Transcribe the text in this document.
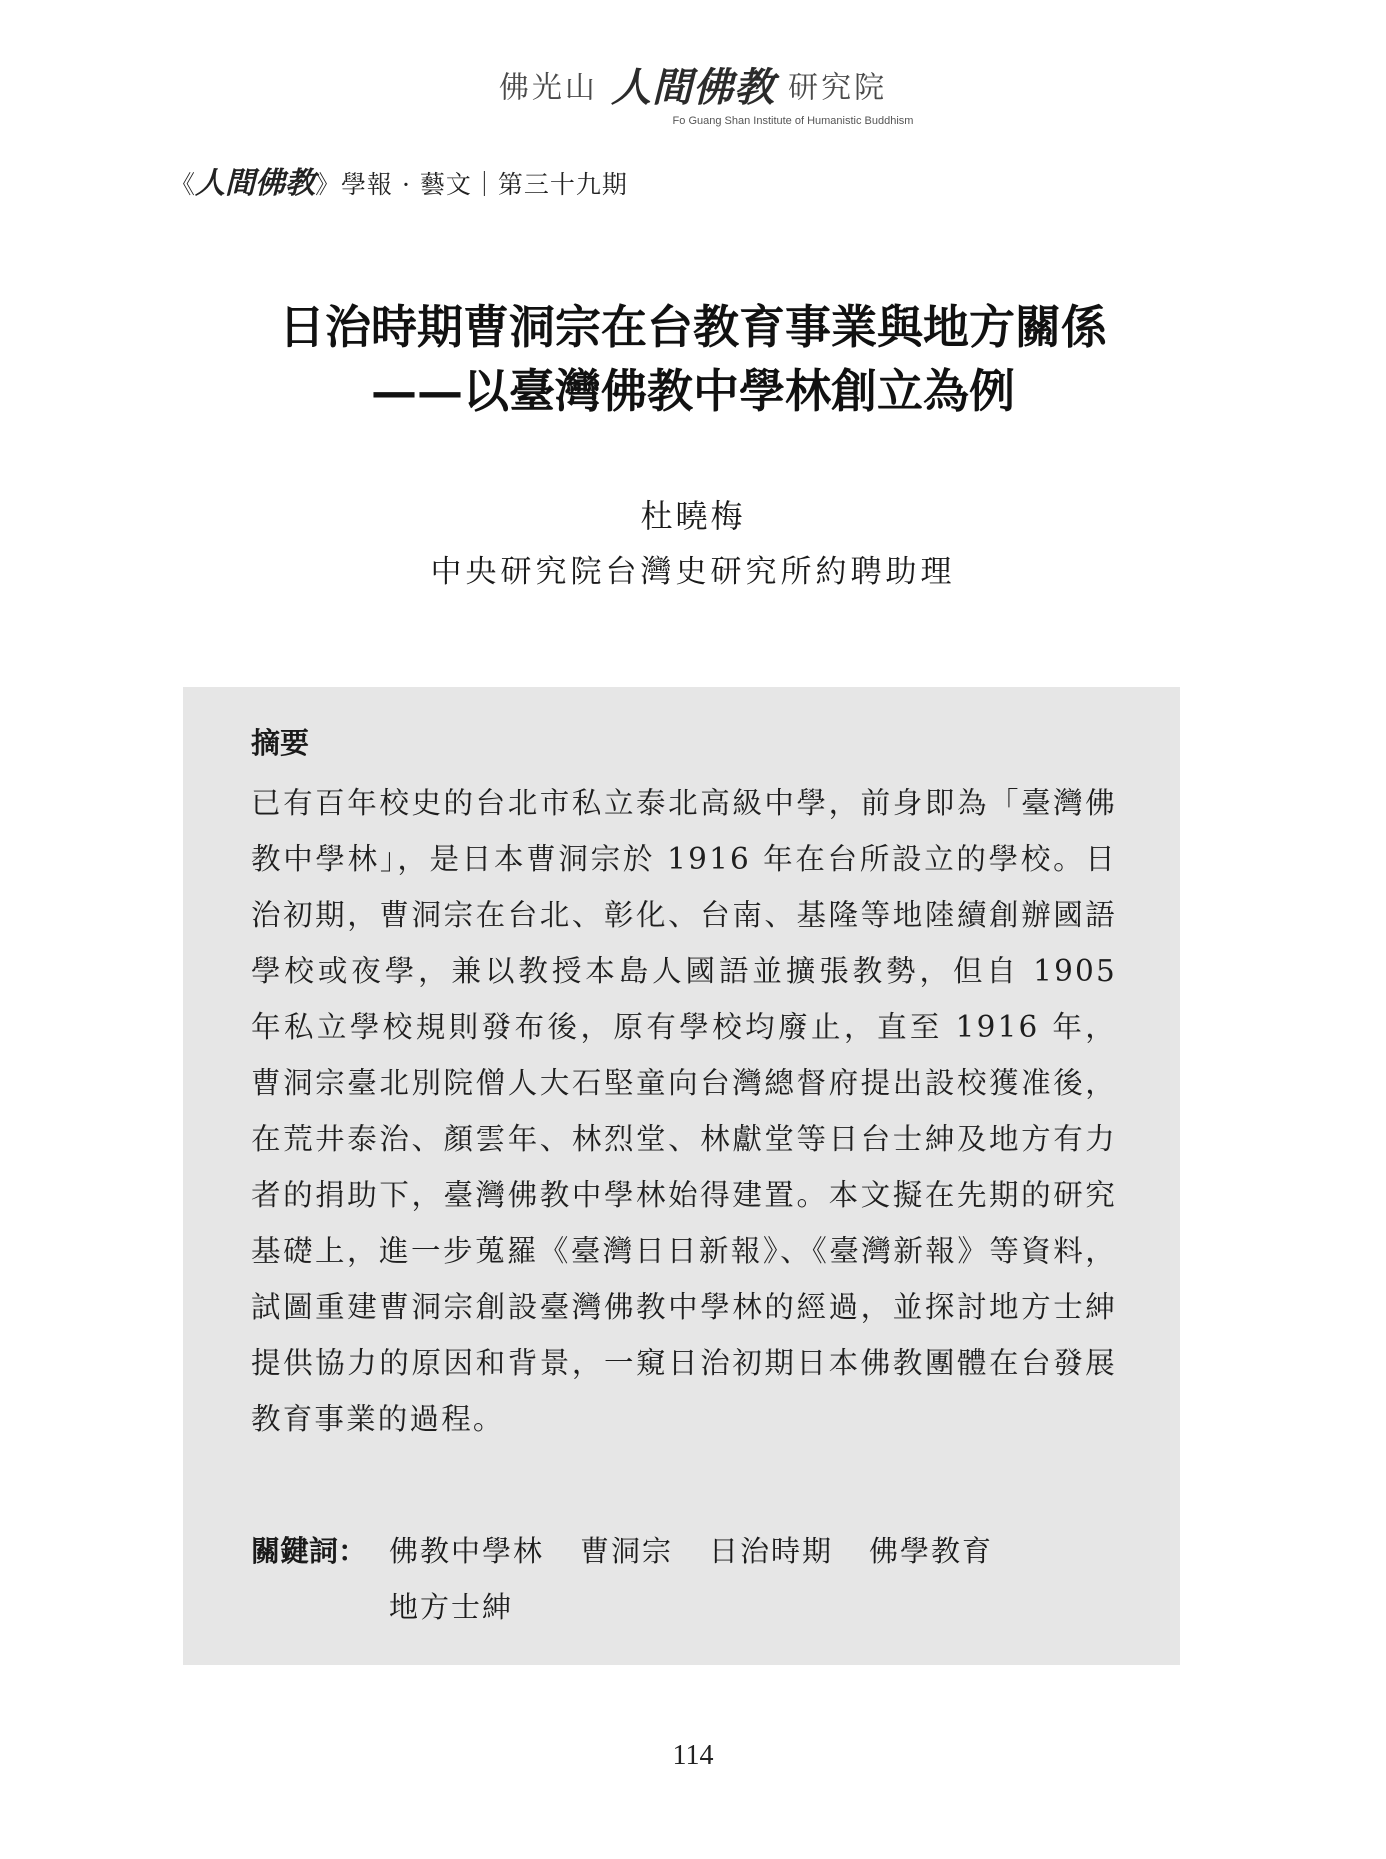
佛光山 人間佛教 研究院
Fo Guang Shan Institute of Humanistic Buddhism
《人間佛教》學報 · 藝文｜第三十九期
日治時期曹洞宗在台教育事業與地方關係
——以臺灣佛教中學林創立為例
杜曉梅
中央研究院台灣史研究所約聘助理
摘要
已有百年校史的台北市私立泰北高級中學，前身即為「臺灣佛教中學林」，是日本曹洞宗於 1916 年在台所設立的學校。日治初期，曹洞宗在台北、彰化、台南、基隆等地陸續創辦國語學校或夜學，兼以教授本島人國語並擴張教勢，但自 1905 年私立學校規則發布後，原有學校均廢止，直至 1916 年，曹洞宗臺北別院僧人大石堅童向台灣總督府提出設校獲准後，在荒井泰治、顏雲年、林烈堂、林獻堂等日台士紳及地方有力者的捐助下，臺灣佛教中學林始得建置。本文擬在先期的研究基礎上，進一步蒐羅《臺灣日日新報》、《臺灣新報》等資料，試圖重建曹洞宗創設臺灣佛教中學林的經過，並探討地方士紳提供協力的原因和背景，一窺日治初期日本佛教團體在台發展教育事業的過程。
關鍵詞： 佛教中學林 曹洞宗 日治時期 佛學教育
地方士紳
114
